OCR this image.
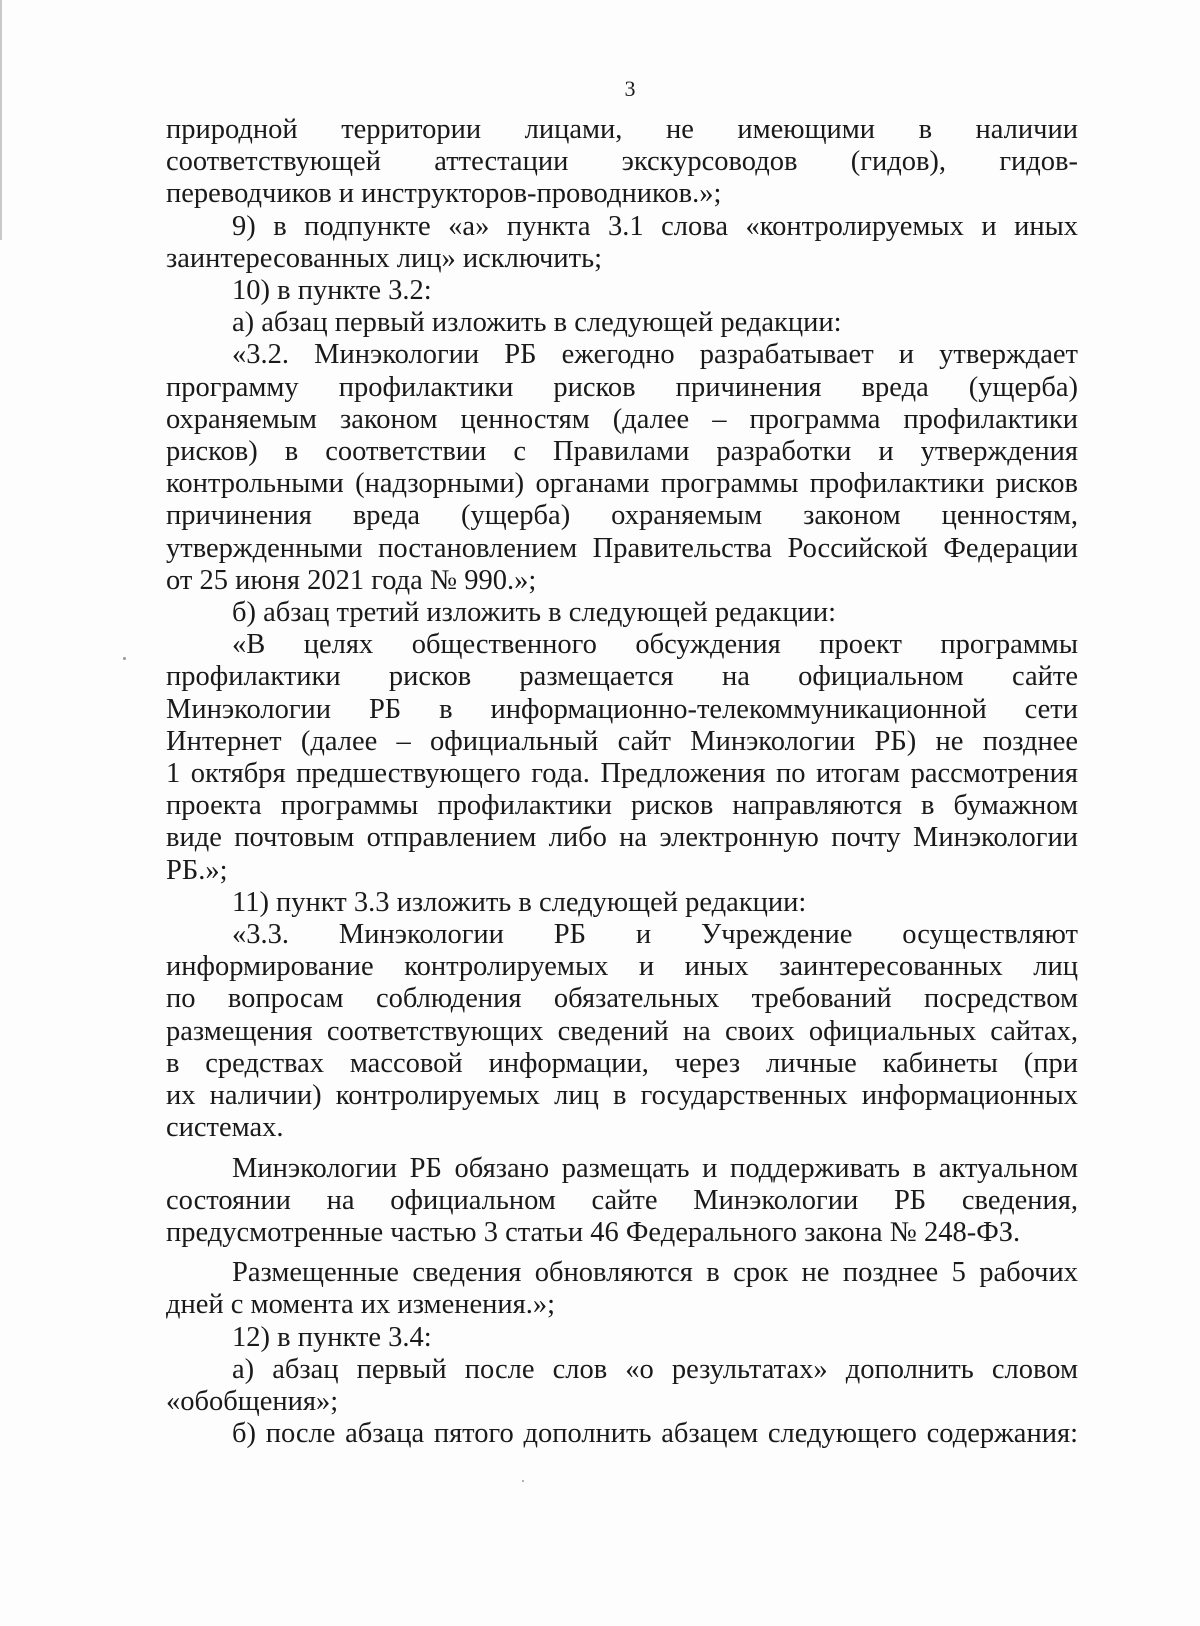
3

природной территории лицами, не имеющими в наличии

соответствующей аттестации экскурсоводов (гидов), гидов-

переводчиков и инструкторов-проводников.»;

9) в подпункте «а» пункта 3.1 слова «контролируемых и иных

заинтересованных лиц» исключить;

10) в пункте 3.2:

а) абзац первый изложить в следующей редакции:

«3.2. Минэкологии РБ ежегодно разрабатывает и утверждает

программу профилактики рисков причинения вреда (ущерба)

охраняемым законом ценностям (далее – программа профилактики

рисков) в соответствии с Правилами разработки и утверждения

контрольными (надзорными) органами программы профилактики рисков

причинения вреда (ущерба) охраняемым законом ценностям,

утвержденными постановлением Правительства Российской Федерации

от 25 июня 2021 года № 990.»;

б) абзац третий изложить в следующей редакции:

«В целях общественного обсуждения проект программы

профилактики рисков размещается на официальном сайте

Минэкологии РБ в информационно-телекоммуникационной сети

Интернет (далее – официальный сайт Минэкологии РБ) не позднее

1 октября предшествующего года. Предложения по итогам рассмотрения

проекта программы профилактики рисков направляются в бумажном

виде почтовым отправлением либо на электронную почту Минэкологии

РБ.»;

11) пункт 3.3 изложить в следующей редакции:

«3.3. Минэкологии РБ и Учреждение осуществляют

информирование контролируемых и иных заинтересованных лиц

по вопросам соблюдения обязательных требований посредством

размещения соответствующих сведений на своих официальных сайтах,

в средствах массовой информации, через личные кабинеты (при

их наличии) контролируемых лиц в государственных информационных

системах.

Минэкологии РБ обязано размещать и поддерживать в актуальном

состоянии на официальном сайте Минэкологии РБ сведения,

предусмотренные частью 3 статьи 46 Федерального закона № 248-ФЗ.

Размещенные сведения обновляются в срок не позднее 5 рабочих

дней с момента их изменения.»;

12) в пункте 3.4:

а) абзац первый после слов «о результатах» дополнить словом

«обобщения»;

б) после абзаца пятого дополнить абзацем следующего содержания:
